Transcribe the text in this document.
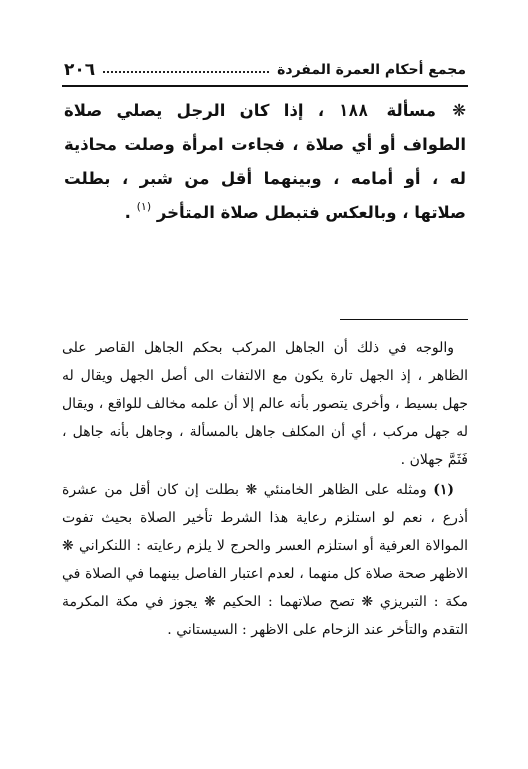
مجمع أحكام العمرة المفردة
٢٠٦
❋ مسألة ١٨٨ ، إذا كان الرجل يصلي صلاة الطواف أو أي صلاة ، فجاءت امرأة وصلت محاذية له ، أو أمامه ، وبينهما أقل من شبر ، بطلت صلاتها ، وبالعكس فتبطل صلاة المتأخر $^{(١)}$ .

والوجه في ذلك أن الجاهل المركب بحكم الجاهل القاصر على الظاهر ، إذ الجهل تارة يكون مع الالتفات الى أصل الجهل ويقال له جهل بسيط ، وأخرى يتصور بأنه عالم إلا أن علمه مخالف للواقع ، ويقال له جهل مركب ، أي أن المكلف جاهل بالمسألة ، وجاهل بأنه جاهل ، فَثَمَّ جهلان .

(١) ومثله على الظاهر الخامنئي ❋ بطلت إن كان أقل من عشرة أذرع ، نعم لو استلزم رعاية هذا الشرط تأخير الصلاة بحيث تفوت الموالاة العرفية أو استلزم العسر والحرج لا يلزم رعايته : اللنكراني ❋ الاظهر صحة صلاة كل منهما ، لعدم اعتبار الفاصل بينهما في الصلاة في مكة : التبريزي ❋ تصح صلاتهما : الحكيم ❋ يجوز في مكة المكرمة التقدم والتأخر عند الزحام على الاظهر : السيستاني .
